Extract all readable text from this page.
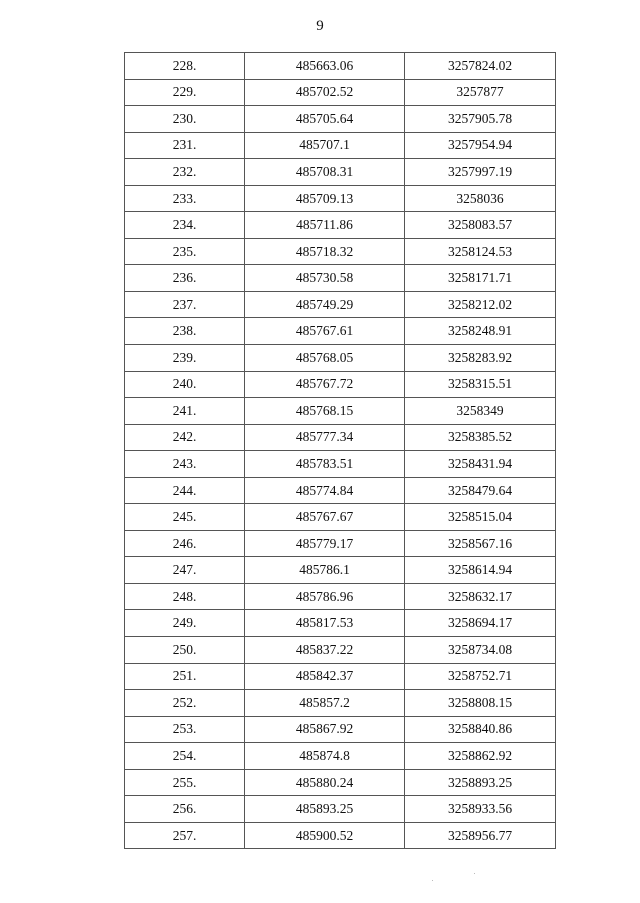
9
228.	485663.06	3257824.02
229.	485702.52	3257877
230.	485705.64	3257905.78
231.	485707.1	3257954.94
232.	485708.31	3257997.19
233.	485709.13	3258036
234.	485711.86	3258083.57
235.	485718.32	3258124.53
236.	485730.58	3258171.71
237.	485749.29	3258212.02
238.	485767.61	3258248.91
239.	485768.05	3258283.92
240.	485767.72	3258315.51
241.	485768.15	3258349
242.	485777.34	3258385.52
243.	485783.51	3258431.94
244.	485774.84	3258479.64
245.	485767.67	3258515.04
246.	485779.17	3258567.16
247.	485786.1	3258614.94
248.	485786.96	3258632.17
249.	485817.53	3258694.17
250.	485837.22	3258734.08
251.	485842.37	3258752.71
252.	485857.2	3258808.15
253.	485867.92	3258840.86
254.	485874.8	3258862.92
255.	485880.24	3258893.25
256.	485893.25	3258933.56
257.	485900.52	3258956.77
